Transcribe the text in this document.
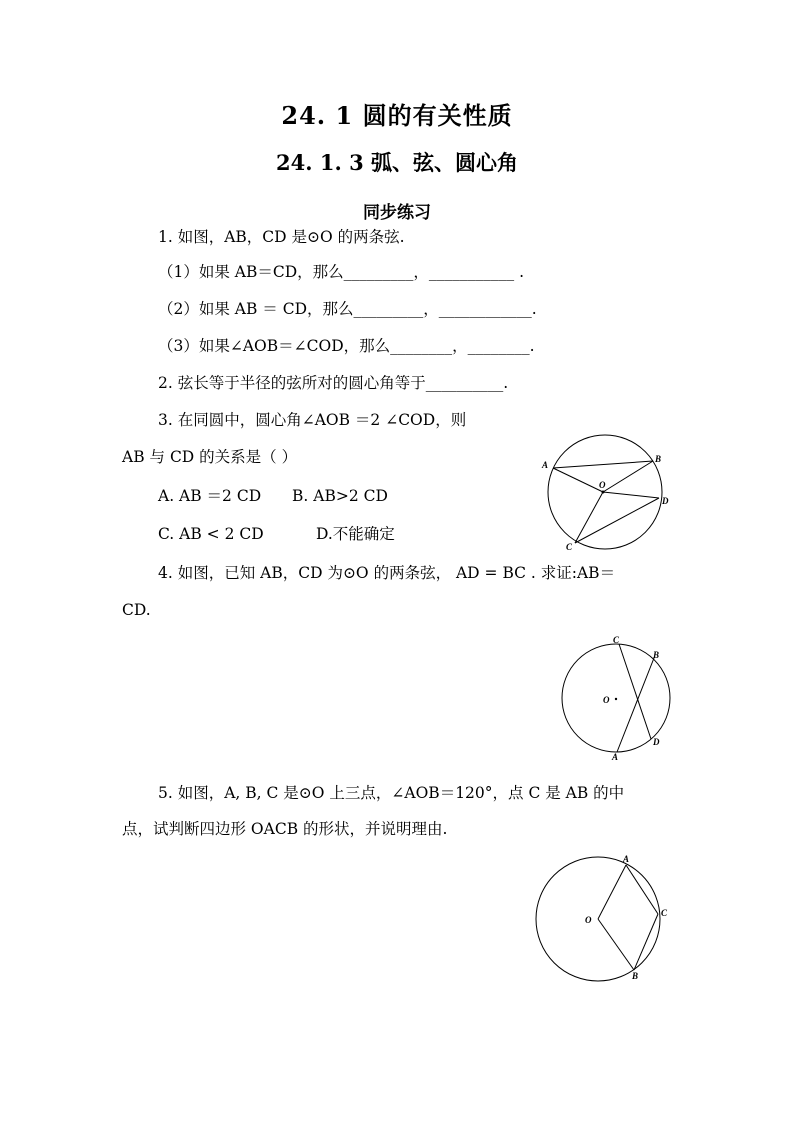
24. 1 圆的有关性质
24. 1. 3 弧、弦、圆心角
同步练习
1. 如图，AB，CD 是⊙O 的两条弦.
（1）如果 AB＝CD，那么_________，___________ .
（2）如果 AB ＝ CD，那么_________，____________.
（3）如果∠AOB＝∠COD，那么________，________.
2. 弦长等于半径的弦所对的圆心角等于__________.
3. 在同圆中，圆心角∠AOB ＝2 ∠COD，则
AB 与 CD 的关系是（ ）
A. AB ＝2 CD B. AB>2 CD
C. AB < 2 CD	D.不能确定
4. 如图，已知 AB，CD 为⊙O 的两条弦， AD = BC . 求证:AB＝
CD.
5. 如图，A, B, C 是⊙O 上三点，∠AOB＝120°，点 C 是 AB 的中
点，试判断四边形 OACB 的形状，并说明理由.
A
B
O
D
C
C
B
O
A
D
A
O
C
B
